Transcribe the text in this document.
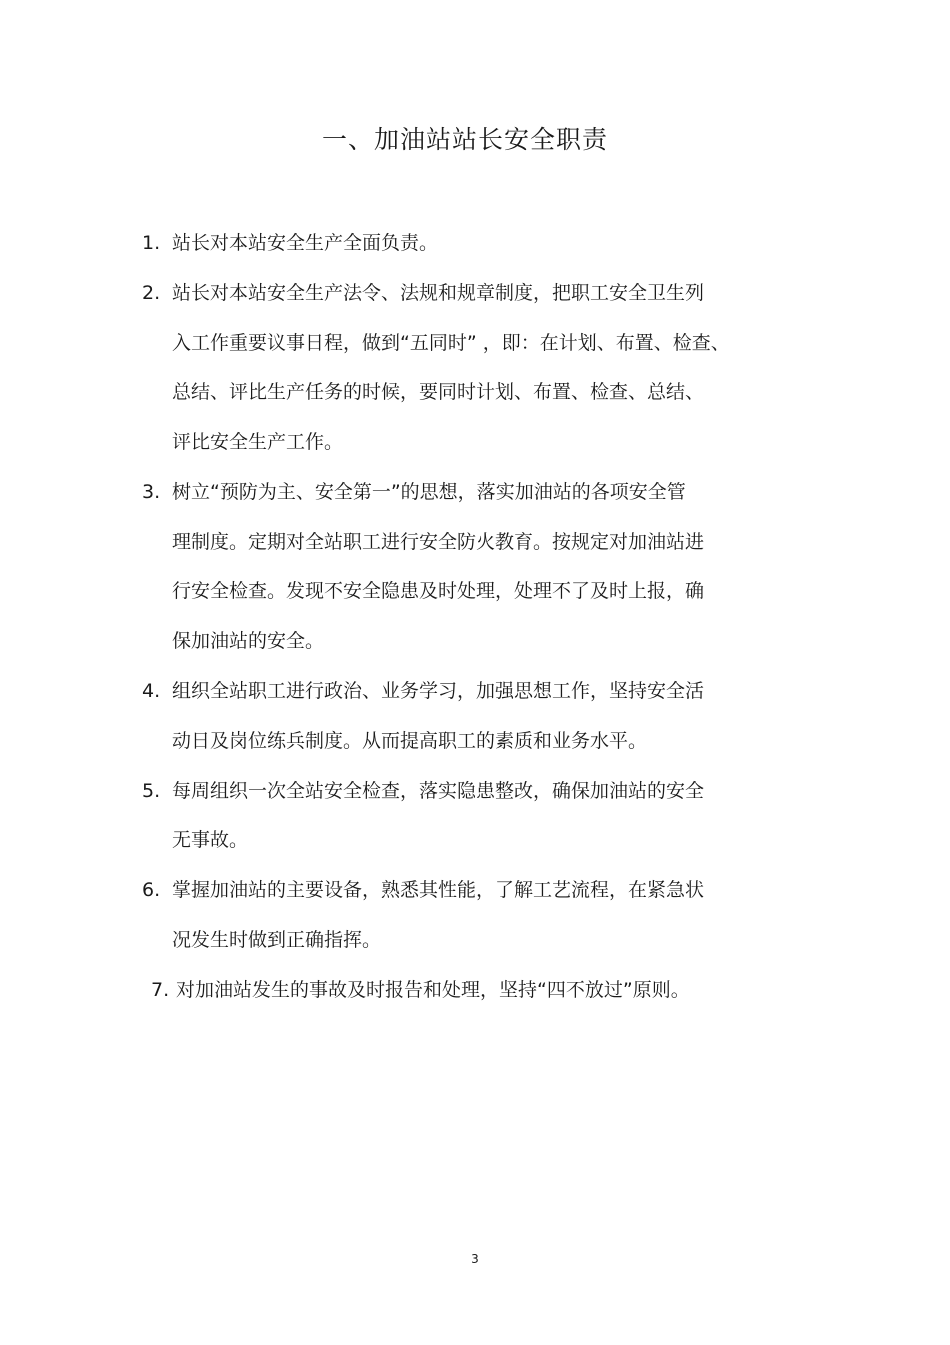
一、加油站站长安全职责

1. 站长对本站安全生产全面负责。

2. 站长对本站安全生产法令、法规和规章制度，把职工安全卫生列

入工作重要议事日程，做到“五同时” ，即：在计划、布置、检查、

总结、评比生产任务的时候，要同时计划、布置、检查、总结、

评比安全生产工作。

3. 树立“预防为主、安全第一”的思想，落实加油站的各项安全管

理制度。定期对全站职工进行安全防火教育。按规定对加油站进

行安全检查。发现不安全隐患及时处理，处理不了及时上报，确

保加油站的安全。

4. 组织全站职工进行政治、业务学习，加强思想工作，坚持安全活

动日及岗位练兵制度。从而提高职工的素质和业务水平。

5. 每周组织一次全站安全检查，落实隐患整改，确保加油站的安全

无事故。

6. 掌握加油站的主要设备，熟悉其性能，了解工艺流程，在紧急状

况发生时做到正确指挥。

7. 对加油站发生的事故及时报告和处理，坚持“四不放过”原则。

3
